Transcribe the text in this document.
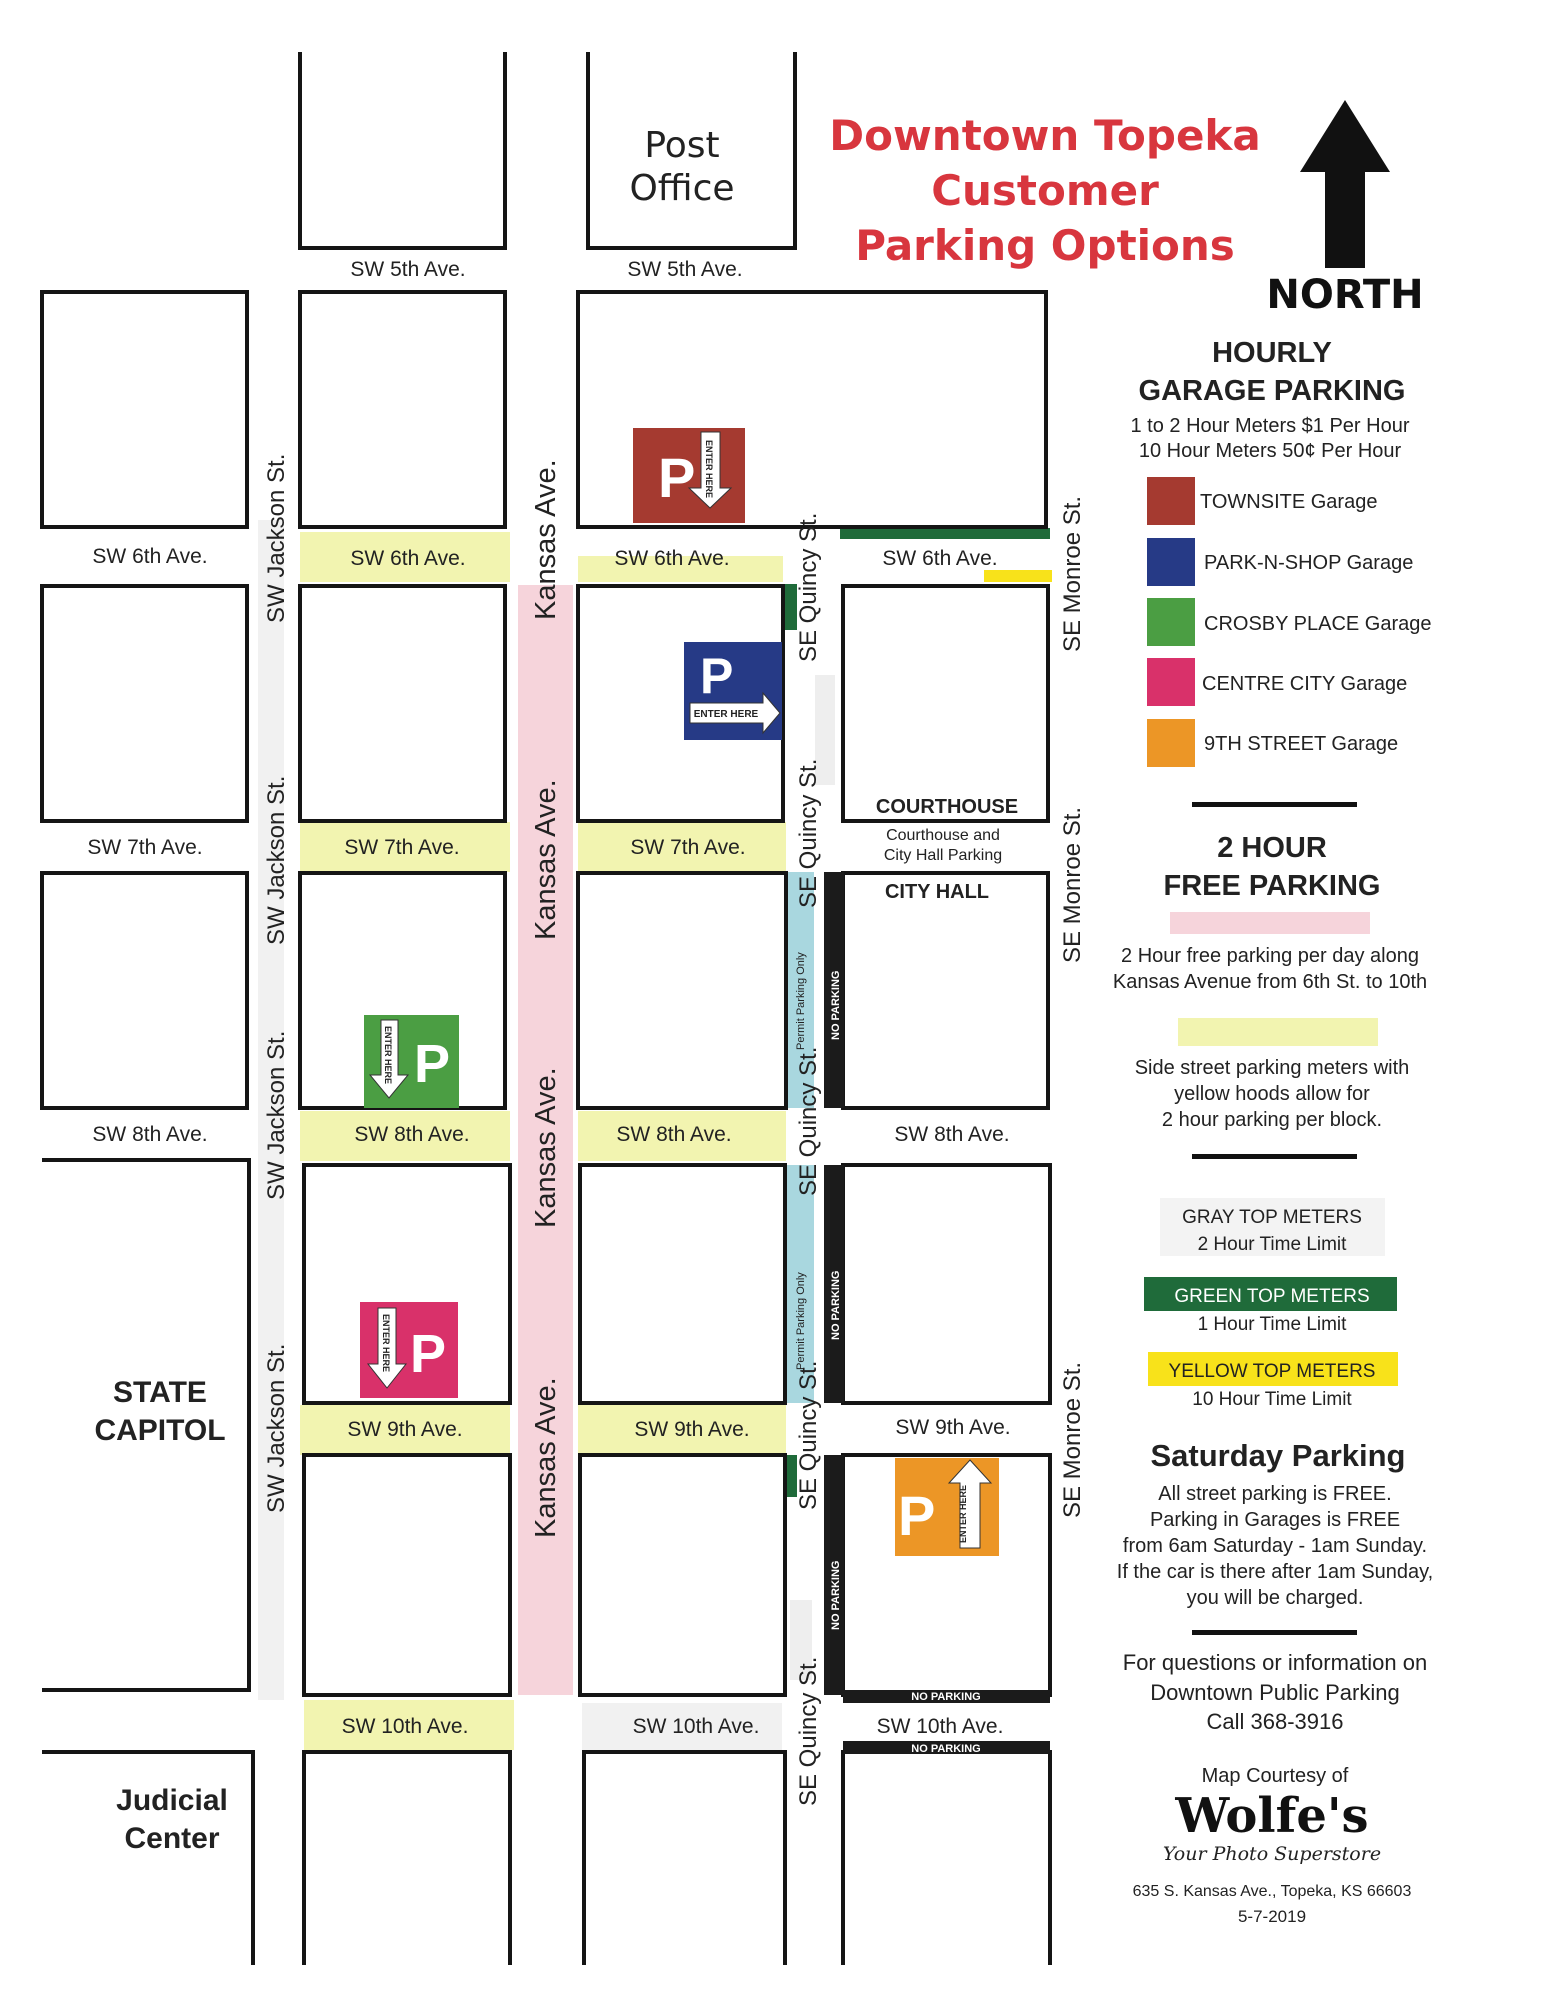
Downtown Topeka
Customer
Parking Options
NORTH
NO PARKING
NO PARKING
NO PARKING
NO PARKING
NO PARKING
Permit Parking Only
Permit Parking Only
Post
Office
COURTHOUSE
Courthouse and
City Hall Parking
CITY HALL
STATE
CAPITOL
Judicial
Center
SW 5th Ave.	SW 5th Ave.
SW 6th Ave.	SW 6th Ave.	SW 6th Ave.	SW 6th Ave.
SW 7th Ave.	SW 7th Ave.	SW 7th Ave.
SW 8th Ave.	SW 8th Ave.	SW 8th Ave.	SW 8th Ave.
SW 9th Ave.	SW 9th Ave.	SW 9th Ave.
SW 10th Ave.	SW 10th Ave.	SW 10th Ave.
SW Jackson St.
SW Jackson St.
SW Jackson St.
SW Jackson St.
Kansas Ave.
Kansas Ave.
Kansas Ave.
Kansas Ave.
SE Quincy St.
SE Quincy St.
SE Quincy St.
SE Quincy St.
SE Quincy St.
SE Monroe St.
SE Monroe St.
SE Monroe St.
P ENTER HERE
P
ENTER HERE
ENTER HERE P
ENTER HERE P
P	ENTER HERE
HOURLY
GARAGE PARKING
1 to 2 Hour Meters $1 Per Hour
10 Hour Meters 50¢ Per Hour
TOWNSITE Garage
PARK-N-SHOP Garage
CROSBY PLACE Garage
CENTRE CITY Garage
9TH STREET Garage
2 HOUR
FREE PARKING
2 Hour free parking per day along
Kansas Avenue from 6th St. to 10th
Side street parking meters with
yellow hoods allow for
2 hour parking per block.
GRAY TOP METERS
2 Hour Time Limit
GREEN TOP METERS
1 Hour Time Limit
YELLOW TOP METERS
10 Hour Time Limit
Saturday Parking
All street parking is FREE.
Parking in Garages is FREE
from 6am Saturday - 1am Sunday.
If the car is there after 1am Sunday,
you will be charged.
For questions or information on
Downtown Public Parking
Call 368-3916
Map Courtesy of
Wolfe's
Your Photo Superstore
635 S. Kansas Ave., Topeka, KS 66603
5-7-2019
